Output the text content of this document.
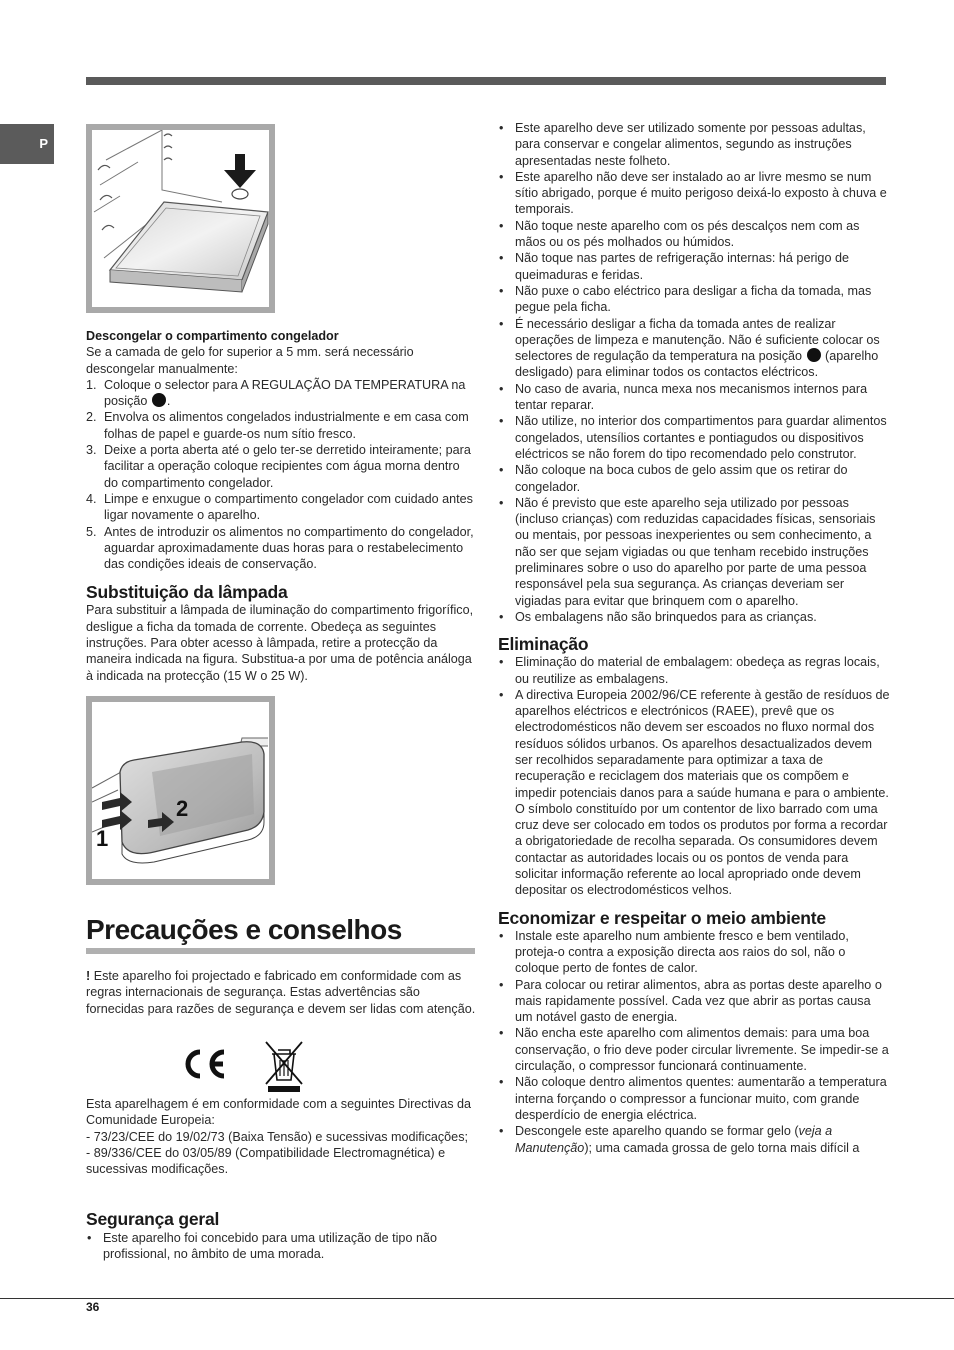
P

Descongelar o compartimento congelador

Se a camada de gelo for superior a 5 mm. será necessário descongelar manualmente:

1. Coloque o selector para A REGULAÇÃO DA TEMPERATURA na posição .
2. Envolva os alimentos congelados industrialmente e em casa com folhas de papel e guarde-os num sítio fresco.
3. Deixe a porta aberta até o gelo ter-se derretido inteiramente; para facilitar a operação coloque recipientes com água morna dentro do compartimento congelador.
4. Limpe e enxugue o compartimento congelador com cuidado antes ligar novamente o aparelho.
5. Antes de introduzir os alimentos no compartimento do congelador, aguardar aproximadamente duas horas para o restabelecimento das condições ideais de conservação.
Substituição da lâmpada

Para substituir a lâmpada de iluminação do compartimento frigorífico, desligue a ficha da tomada de corrente. Obedeça as seguintes instruções. Para obter acesso à lâmpada, retire a protecção da maneira indicada na figura. Substitua-a por uma de potência análoga à indicada na protecção (15 W o 25 W).

2
1
Precauções e conselhos

! Este aparelho foi projectado e fabricado em conformidade com as regras internacionais de segurança. Estas advertências são fornecidas para razões de segurança e devem ser lidas com atenção.

Esta aparelhagem é em conformidade com a seguintes Directivas da Comunidade Europeia:

- 73/23/CEE do 19/02/73 (Baixa Tensão) e sucessivas modificações;

- 89/336/CEE do 03/05/89 (Compatibilidade Electromagnética) e sucessivas modificações.

Segurança geral
• Este aparelho foi concebido para uma utilização de tipo não profissional, no âmbito de uma morada.
• Este aparelho deve ser utilizado somente por pessoas adultas, para conservar e congelar alimentos, segundo as instruções apresentadas neste folheto.
• Este aparelho não deve ser instalado ao ar livre mesmo se num sítio abrigado, porque é muito perigoso deixá-lo exposto à chuva e temporais.
• Não toque neste aparelho com os pés descalços nem com as mãos ou os pés molhados ou húmidos.
• Não toque nas partes de refrigeração internas: há perigo de queimaduras e feridas.
• Não puxe o cabo eléctrico para desligar a ficha da tomada, mas pegue pela ficha.
• É necessário desligar a ficha da tomada antes de realizar operações de limpeza e manutenção. Não é suficiente colocar os selectores de regulação da temperatura na posição (aparelho desligado) para eliminar todos os contactos eléctricos.
• No caso de avaria, nunca mexa nos mecanismos internos para tentar reparar.
• Não utilize, no interior dos compartimentos para guardar alimentos congelados, utensílios cortantes e pontiagudos ou dispositivos eléctricos se não forem do tipo recomendado pelo construtor.
• Não coloque na boca cubos de gelo assim que os retirar do congelador.
• Não é previsto que este aparelho seja utilizado por pessoas (incluso crianças) com reduzidas capacidades físicas, sensoriais ou mentais, por pessoas inexperientes ou sem conhecimento, a não ser que sejam vigiadas ou que tenham recebido instruções preliminares sobre o uso do aparelho por parte de uma pessoa responsável pela sua segurança. As crianças deveriam ser vigiadas para evitar que brinquem com o aparelho.
• Os embalagens não são brinquedos para as crianças.
Eliminação
• Eliminação do material de embalagem: obedeça as regras locais, ou reutilize as embalagens.
• A directiva Europeia 2002/96/CE referente à gestão de resíduos de aparelhos eléctricos e electrónicos (RAEE), prevê que os electrodomésticos não devem ser escoados no fluxo normal dos resíduos sólidos urbanos. Os aparelhos desactualizados devem ser recolhidos separadamente para optimizar a taxa de recuperação e reciclagem dos materiais que os compõem e impedir potenciais danos para a saúde humana e para o ambiente. O símbolo constituído por um contentor de lixo barrado com uma cruz deve ser colocado em todos os produtos por forma a recordar a obrigatoriedade de recolha separada. Os consumidores devem contactar as autoridades locais ou os pontos de venda para solicitar informação referente ao local apropriado onde devem depositar os electrodomésticos velhos.
Economizar e respeitar o meio ambiente
• Instale este aparelho num ambiente fresco e bem ventilado, proteja-o contra a exposição directa aos raios do sol, não o coloque perto de fontes de calor.
• Para colocar ou retirar alimentos, abra as portas deste aparelho o mais rapidamente possível. Cada vez que abrir as portas causa um notável gasto de energia.
• Não encha este aparelho com alimentos demais: para uma boa conservação, o frio deve poder circular livremente. Se impedir-se a circulação, o compressor funcionará continuamente.
• Não coloque dentro alimentos quentes: aumentarão a temperatura interna forçando o compressor a funcionar muito, com grande desperdício de energia eléctrica.
• Descongele este aparelho quando se formar gelo (veja a Manutenção); uma camada grossa de gelo torna mais difícil a
36
